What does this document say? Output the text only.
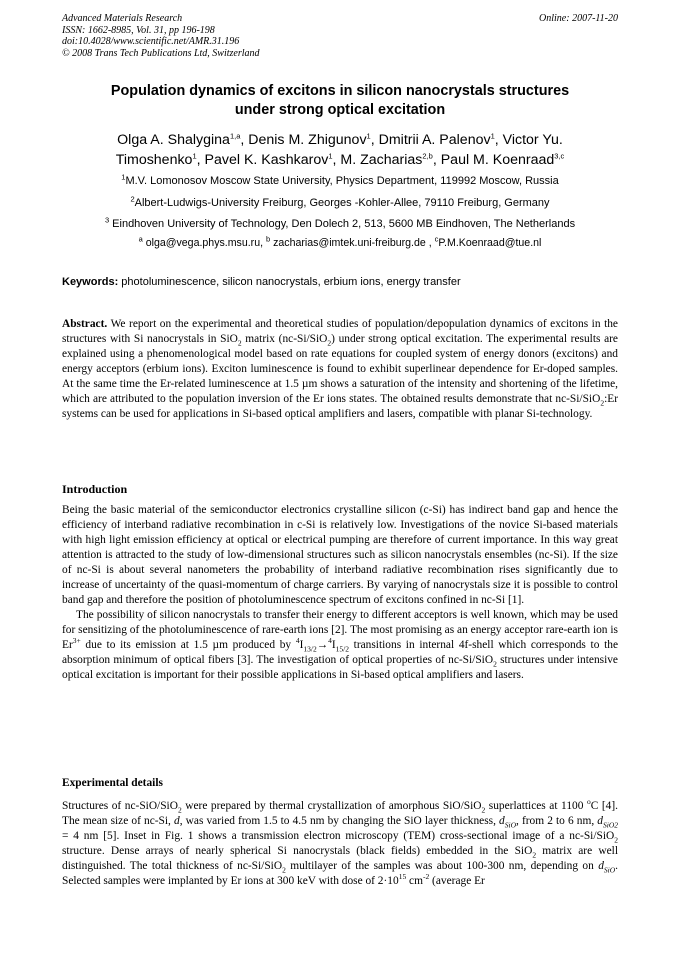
Advanced Materials Research
ISSN: 1662-8985, Vol. 31, pp 196-198
doi:10.4028/www.scientific.net/AMR.31.196
© 2008 Trans Tech Publications Ltd, Switzerland
Online: 2007-11-20
Population dynamics of excitons in silicon nanocrystals structures
under strong optical excitation
Olga A. Shalygina$^{1,a}$, Denis M. Zhigunov$^1$, Dmitrii A. Palenov$^1$, Victor Yu.
Timoshenko$^1$, Pavel K. Kashkarov$^1$, M. Zacharias$^{2,b}$, Paul M. Koenraad$^{3,c}$
$^1$M.V. Lomonosov Moscow State University, Physics Department, 119992 Moscow, Russia
$^2$Albert-Ludwigs-University Freiburg, Georges -Kohler-Allee, 79110 Freiburg, Germany
$^3$ Eindhoven University of Technology, Den Dolech 2, 513, 5600 MB Eindhoven, The Netherlands
$^a$ olga@vega.phys.msu.ru, $^b$ zacharias@imtek.uni-freiburg.de , $^c$P.M.Koenraad@tue.nl
Keywords: photoluminescence, silicon nanocrystals, erbium ions, energy transfer
Abstract. We report on the experimental and theoretical studies of population/depopulation dynamics of excitons in the structures with Si nanocrystals in SiO$_2$ matrix (nc-Si/SiO$_2$) under strong optical excitation. The experimental results are explained using a phenomenological model based on rate equations for coupled system of energy donors (excitons) and energy acceptors (erbium ions). Exciton luminescence is found to exhibit superlinear dependence for Er-doped samples. At the same time the Er-related luminescence at 1.5 µm shows a saturation of the intensity and shortening of the lifetime, which are attributed to the population inversion of the Er ions states. The obtained results demonstrate that nc-Si/SiO$_2$:Er systems can be used for applications in Si-based optical amplifiers and lasers, compatible with planar Si-technology.
Introduction

Being the basic material of the semiconductor electronics crystalline silicon (c-Si) has indirect band gap and hence the efficiency of interband radiative recombination in c-Si is relatively low. Investigations of the novice Si-based materials with high light emission efficiency at optical or electrical pumping are therefore of current importance. In this way great attention is attracted to the study of low-dimensional structures such as silicon nanocrystals ensembles (nc-Si). If the size of nc-Si is about several nanometers the probability of interband radiative recombination rises significantly due to increase of uncertainty of the quasi-momentum of charge carriers. By varying of nanocrystals size it is possible to control band gap and therefore the position of photoluminescence spectrum of excitons confined in nc-Si [1].

The possibility of silicon nanocrystals to transfer their energy to different acceptors is well known, which may be used for sensitizing of the photoluminescence of rare-earth ions [2]. The most promising as an energy acceptor rare-earth ion is $Er^{3+}$ due to its emission at 1.5 µm produced by $^4I_{13/2}\to^4I_{15/2}$ transitions in internal 4f-shell which corresponds to the absorption minimum of optical fibers [3]. The investigation of optical properties of nc-Si/SiO$_2$ structures under intensive optical excitation is important for their possible applications in Si-based optical amplifiers and lasers.

Experimental details

Structures of nc-SiO/SiO$_2$ were prepared by thermal crystallization of amorphous SiO/SiO$_2$ superlattices at 1100 $^o$C [4]. The mean size of nc-Si, d, was varied from 1.5 to 4.5 nm by changing the SiO layer thickness, $d_{SiO}$, from 2 to 6 nm, $d_{SiO2} = 4$ nm [5]. Inset in Fig. 1 shows a transmission electron microscopy (TEM) cross-sectional image of a nc-Si/SiO$_2$ structure. Dense arrays of nearly spherical Si nanocrystals (black fields) embedded in the SiO$_2$ matrix are well distinguished. The total thickness of nc-Si/SiO$_2$ multilayer of the samples was about 100-300 nm, depending on $d_{SiO}$. Selected samples were implanted by Er ions at 300 keV with dose of $2\cdot 10^{15}$ $cm^{-2}$ (average Er
